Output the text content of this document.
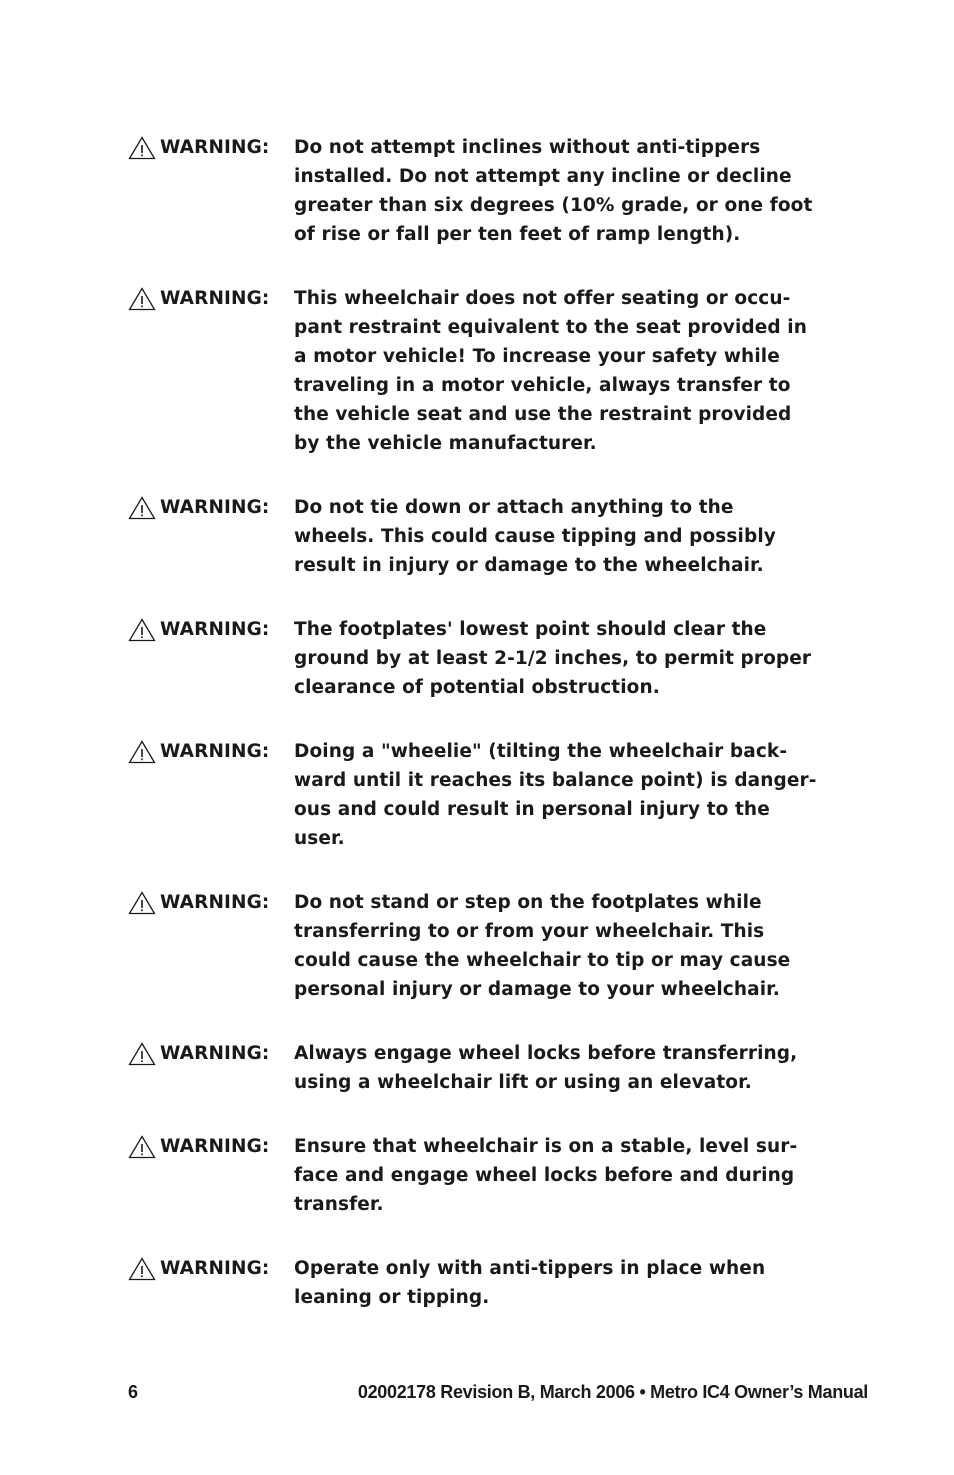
WARNING: Do not attempt inclines without anti-tippers
installed. Do not attempt any incline or decline
greater than six degrees (10% grade, or one foot
of rise or fall per ten feet of ramp length).
WARNING: This wheelchair does not offer seating or occu-
pant restraint equivalent to the seat provided in
a motor vehicle! To increase your safety while
traveling in a motor vehicle, always transfer to
the vehicle seat and use the restraint provided
by the vehicle manufacturer.
WARNING: Do not tie down or attach anything to the
wheels. This could cause tipping and possibly
result in injury or damage to the wheelchair.
WARNING: The footplates' lowest point should clear the
ground by at least 2-1/2 inches, to permit proper
clearance of potential obstruction.
WARNING: Doing a "wheelie" (tilting the wheelchair back-
ward until it reaches its balance point) is danger-
ous and could result in personal injury to the
user.
WARNING: Do not stand or step on the footplates while
transferring to or from your wheelchair. This
could cause the wheelchair to tip or may cause
personal injury or damage to your wheelchair.
WARNING: Always engage wheel locks before transferring,
using a wheelchair lift or using an elevator.
WARNING: Ensure that wheelchair is on a stable, level sur-
face and engage wheel locks before and during
transfer.
WARNING: Operate only with anti-tippers in place when
leaning or tipping.
6	02002178 Revision B, March 2006 • Metro IC4 Owner’s Manual
